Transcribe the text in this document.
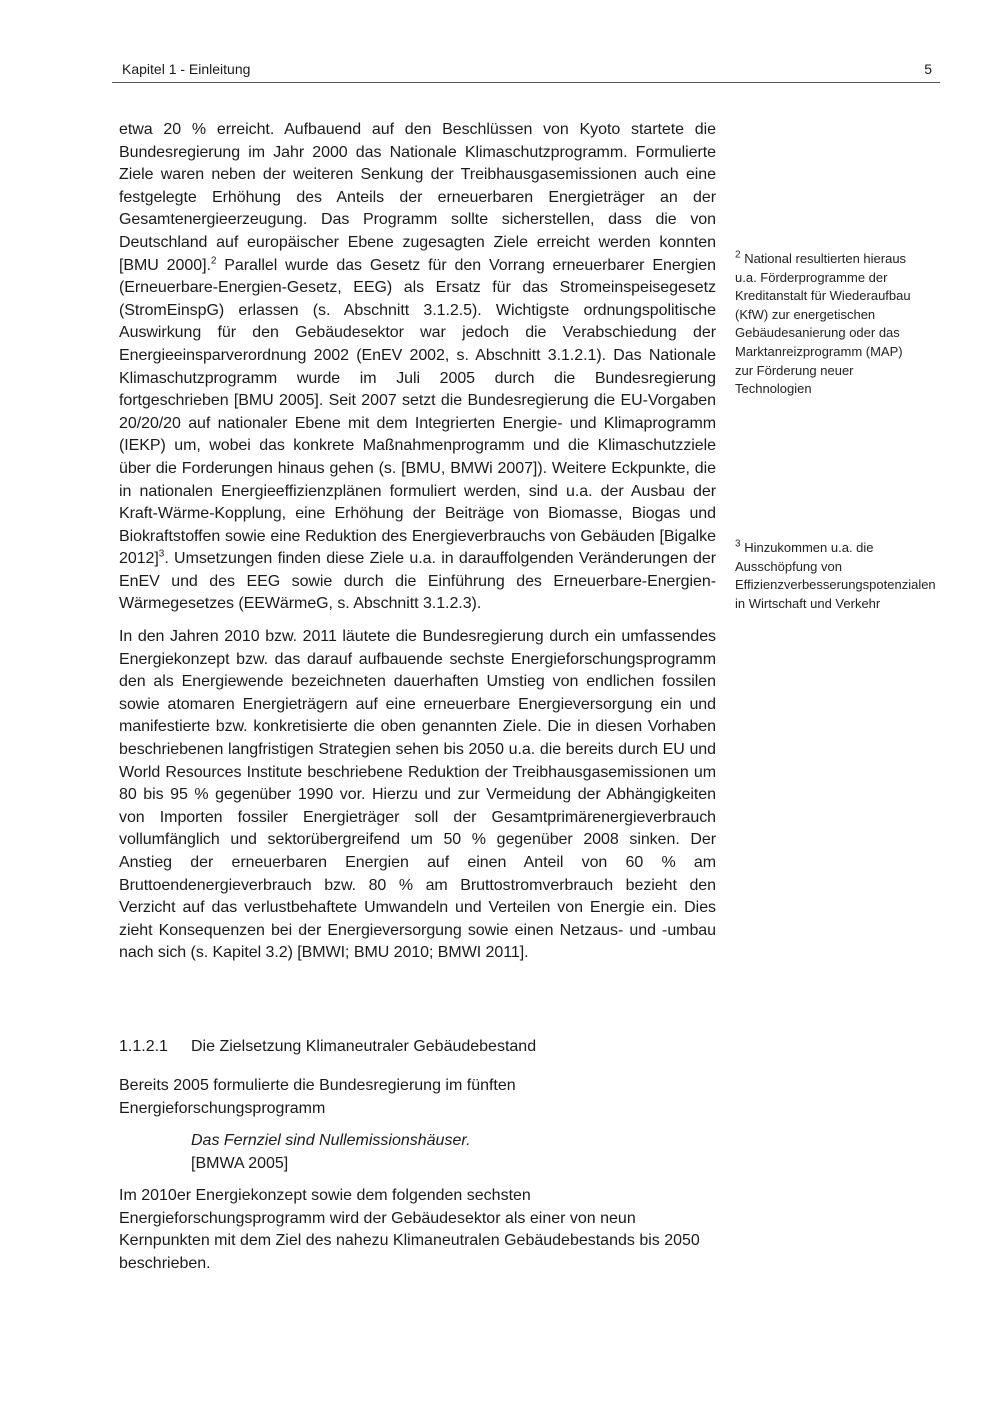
Kapitel 1 - Einleitung	5

etwa 20 % erreicht. Aufbauend auf den Beschlüssen von Kyoto startete die Bundesregierung im Jahr 2000 das Nationale Klimaschutzprogramm. Formulierte Ziele waren neben der weiteren Senkung der Treibhausgasemissionen auch eine festgelegte Erhöhung des Anteils der erneuerbaren Energieträger an der Gesamtenergieerzeugung. Das Programm sollte sicherstellen, dass die von Deutschland auf europäischer Ebene zugesagten Ziele erreicht werden konnten [BMU 2000].$^2$ Parallel wurde das Gesetz für den Vorrang erneuerbarer Energien (Erneuerbare-Energien-Gesetz, EEG) als Ersatz für das Stromeinspeisegesetz (StromEinspG) erlassen (s. Abschnitt 3.1.2.5). Wichtigste ordnungspolitische Auswirkung für den Gebäudesektor war jedoch die Verabschiedung der Energieeinsparverordnung 2002 (EnEV 2002, s. Abschnitt 3.1.2.1). Das Nationale Klimaschutzprogramm wurde im Juli 2005 durch die Bundesregierung fortgeschrieben [BMU 2005]. Seit 2007 setzt die Bundesregierung die EU-Vorgaben 20/20/20 auf nationaler Ebene mit dem Integrierten Energie- und Klimaprogramm (IEKP) um, wobei das konkrete Maßnahmenprogramm und die Klimaschutzziele über die Forderungen hinaus gehen (s. [BMU, BMWi 2007]). Weitere Eckpunkte, die in nationalen Energieeffizienzplänen formuliert werden, sind u.a. der Ausbau der Kraft-Wärme-Kopplung, eine Erhöhung der Beiträge von Biomasse, Biogas und Biokraftstoffen sowie eine Reduktion des Energieverbrauchs von Gebäuden [Bigalke 2012]$^3$. Umsetzungen finden diese Ziele u.a. in darauffolgenden Veränderungen der EnEV und des EEG sowie durch die Einführung des Erneuerbare-Energien-Wärmegesetzes (EEWärmeG, s. Abschnitt 3.1.2.3).

In den Jahren 2010 bzw. 2011 läutete die Bundesregierung durch ein umfassendes Energiekonzept bzw. das darauf aufbauende sechste Energieforschungsprogramm den als Energiewende bezeichneten dauerhaften Umstieg von endlichen fossilen sowie atomaren Energieträgern auf eine erneuerbare Energieversorgung ein und manifestierte bzw. konkretisierte die oben genannten Ziele. Die in diesen Vorhaben beschriebenen langfristigen Strategien sehen bis 2050 u.a. die bereits durch EU und World Resources Institute beschriebene Reduktion der Treibhausgasemissionen um 80 bis 95 % gegenüber 1990 vor. Hierzu und zur Vermeidung der Abhängigkeiten von Importen fossiler Energieträger soll der Gesamtprimärenergieverbrauch vollumfänglich und sektorübergreifend um 50 % gegenüber 2008 sinken. Der Anstieg der erneuerbaren Energien auf einen Anteil von 60 % am Bruttoendenergieverbrauch bzw. 80 % am Bruttostromverbrauch bezieht den Verzicht auf das verlustbehaftete Umwandeln und Verteilen von Energie ein. Dies zieht Konsequenzen bei der Energieversorgung sowie einen Netzaus- und -umbau nach sich (s. Kapitel 3.2) [BMWI; BMU 2010; BMWI 2011].

1.1.2.1 Die Zielsetzung Klimaneutraler Gebäudebestand

Bereits 2005 formulierte die Bundesregierung im fünften Energieforschungsprogramm

Das Fernziel sind Nullemissionshäuser.
[BMWA 2005]

Im 2010er Energiekonzept sowie dem folgenden sechsten Energieforschungsprogramm wird der Gebäudesektor als einer von neun Kernpunkten mit dem Ziel des nahezu Klimaneutralen Gebäudebestands bis 2050 beschrieben.

$^2$ National resultierten hieraus u.a. Förderprogramme der Kreditanstalt für Wiederaufbau (KfW) zur energetischen Gebäudesanierung oder das Marktanreizprogramm (MAP) zur Förderung neuer Technologien
$^3$ Hinzukommen u.a. die Ausschöpfung von Effizienzverbesserungspotenzialen in Wirtschaft und Verkehr
